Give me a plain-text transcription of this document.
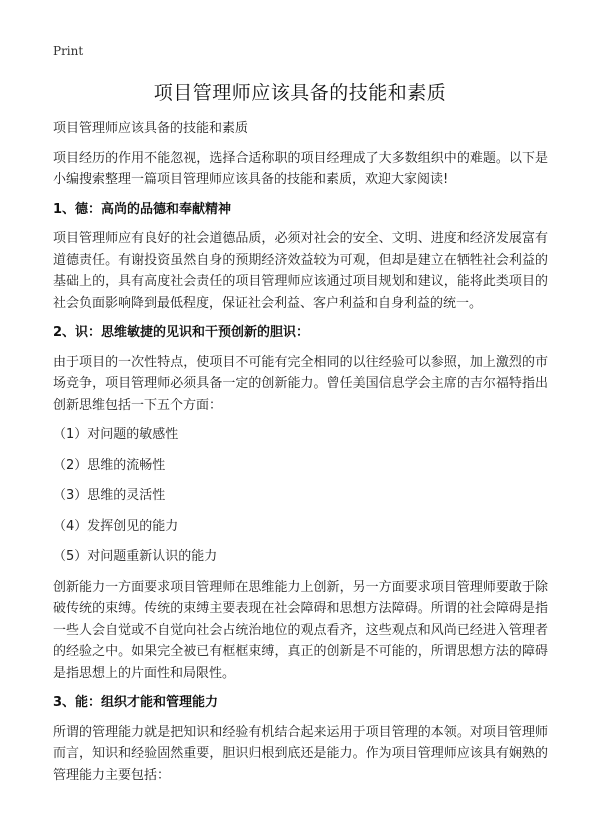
Print
项目管理师应该具备的技能和素质

项目管理师应该具备的技能和素质

项目经历的作用不能忽视，选择合适称职的项目经理成了大多数组织中的难题。以下是小编搜索整理一篇项目管理师应该具备的技能和素质，欢迎大家阅读!

1、德：高尚的品德和奉献精神

项目管理师应有良好的社会道德品质，必须对社会的安全、文明、进度和经济发展富有道德责任。有谢投资虽然自身的预期经济效益较为可观，但却是建立在牺牲社会利益的基础上的，具有高度社会责任的项目管理师应该通过项目规划和建议，能将此类项目的社会负面影响降到最低程度，保证社会利益、客户利益和自身利益的统一。

2、识：思维敏捷的见识和干预创新的胆识：

由于项目的一次性特点，使项目不可能有完全相同的以往经验可以参照，加上激烈的市场竞争，项目管理师必须具备一定的创新能力。曾任美国信息学会主席的吉尔福特指出创新思维包括一下五个方面：

（1）对问题的敏感性

（2）思维的流畅性

（3）思维的灵活性

（4）发挥创见的能力

（5）对问题重新认识的能力

创新能力一方面要求项目管理师在思维能力上创新，另一方面要求项目管理师要敢于除破传统的束缚。传统的束缚主要表现在社会障碍和思想方法障碍。所谓的社会障碍是指一些人会自觉或不自觉向社会占统治地位的观点看齐，这些观点和风尚已经进入管理者的经验之中。如果完全被已有框框束缚，真正的创新是不可能的，所谓思想方法的障碍是指思想上的片面性和局限性。

3、能：组织才能和管理能力

所谓的管理能力就是把知识和经验有机结合起来运用于项目管理的本领。对项目管理师而言，知识和经验固然重要，胆识归根到底还是能力。作为项目管理师应该具有娴熟的管理能力主要包括：
